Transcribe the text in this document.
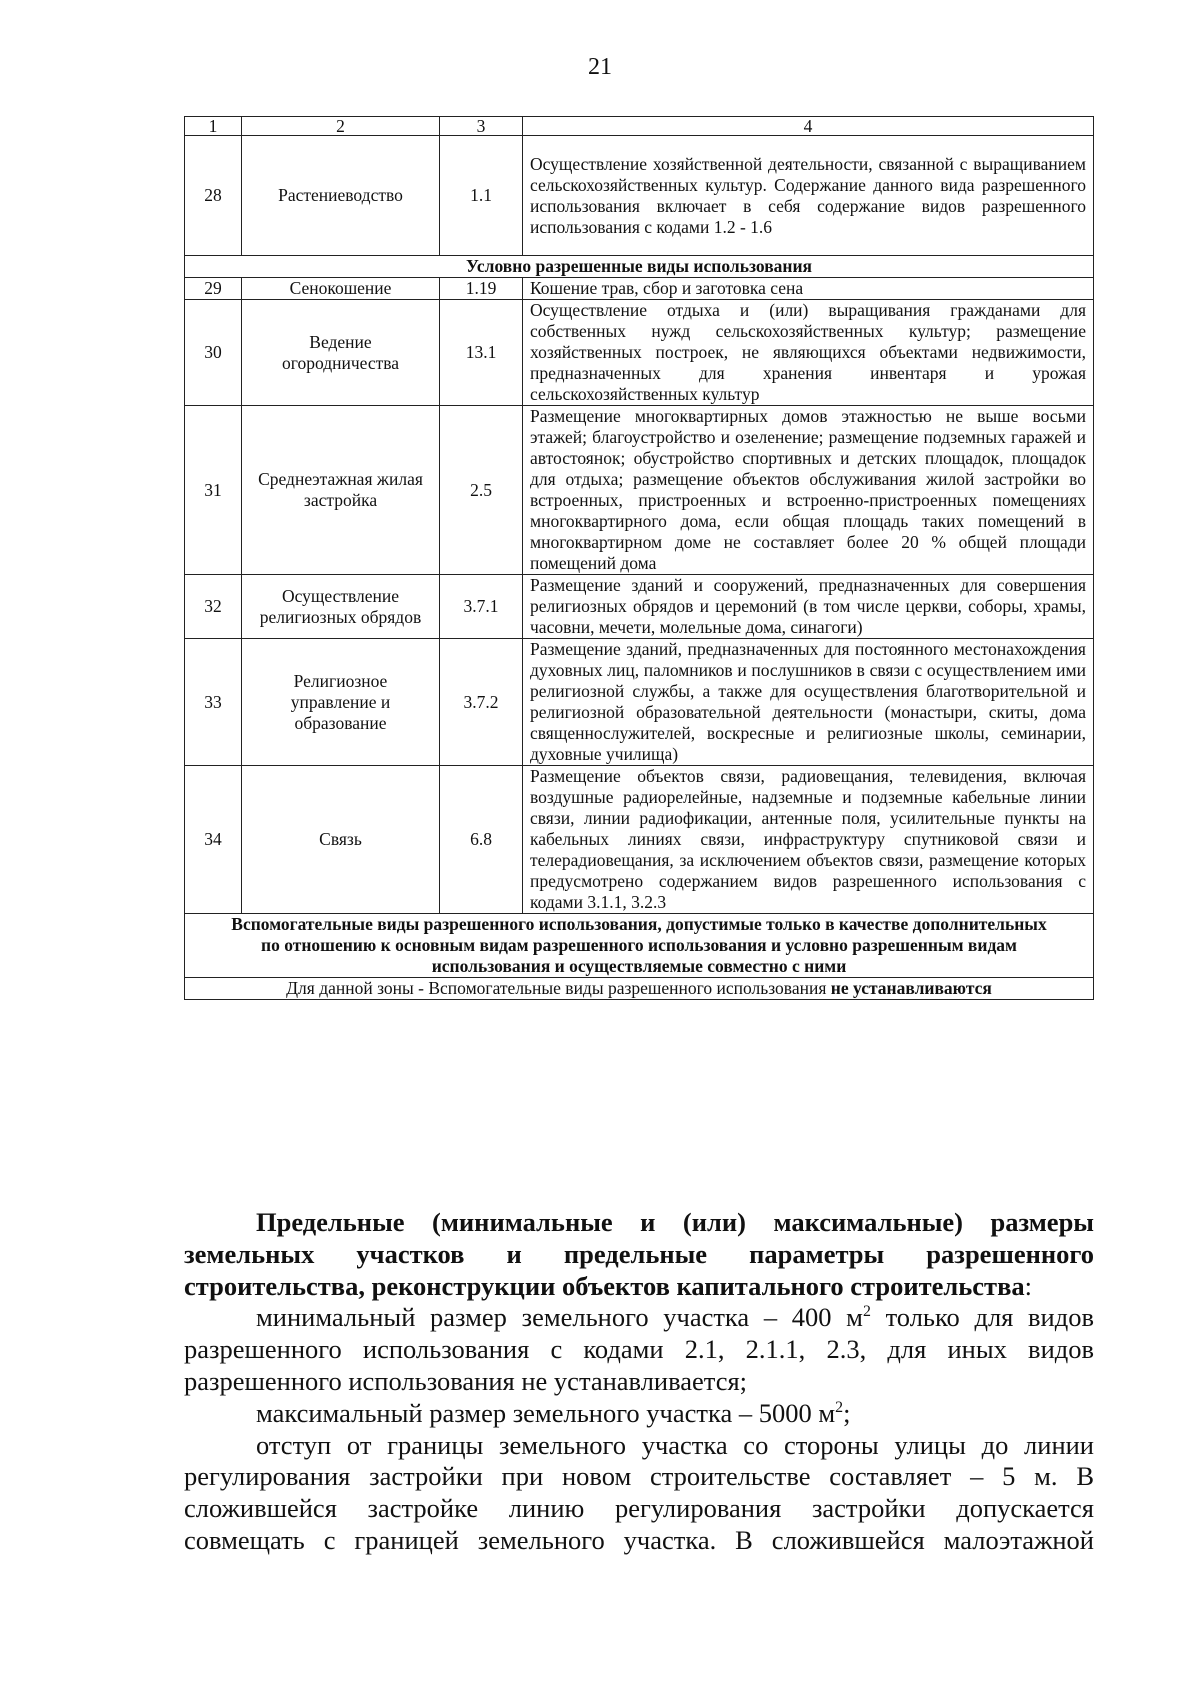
21
1	2	3	4
28	Растениеводство	1.1	Осуществление хозяйственной деятельности, связанной с выращиванием сельскохозяйственных культур. Содержание данного вида разрешенного использования включает в себя содержание видов разрешенного использования с кодами 1.2 - 1.6
Условно разрешенные виды использования			
29	Сенокошение	1.19	Кошение трав, сбор и заготовка сена
30	Ведение огородничества	13.1	Осуществление отдыха и (или) выращивания гражданами для собственных нужд сельскохозяйственных культур; размещение хозяйственных построек, не являющихся объектами недвижимости, предназначенных для хранения инвентаря и урожая сельскохозяйственных культур
31	Среднеэтажная жилая застройка	2.5	Размещение многоквартирных домов этажностью не выше восьми этажей; благоустройство и озеленение; размещение подземных гаражей и автостоянок; обустройство спортивных и детских площадок, площадок для отдыха; размещение объектов обслуживания жилой застройки во встроенных, пристроенных и встроенно-пристроенных помещениях многоквартирного дома, если общая площадь таких помещений в многоквартирном доме не составляет более 20 % общей площади помещений дома
32	Осуществление религиозных обрядов	3.7.1	Размещение зданий и сооружений, предназначенных для совершения религиозных обрядов и церемоний (в том числе церкви, соборы, храмы, часовни, мечети, молельные дома, синагоги)
33	Религиозное управление и образование	3.7.2	Размещение зданий, предназначенных для постоянного местонахождения духовных лиц, паломников и послушников в связи с осуществлением ими религиозной службы, а также для осуществления благотворительной и религиозной образовательной деятельности (монастыри, скиты, дома священнослужителей, воскресные и религиозные школы, семинарии, духовные училища)
34	Связь	6.8	Размещение объектов связи, радиовещания, телевидения, включая воздушные радиорелейные, надземные и подземные кабельные линии связи, линии радиофикации, антенные поля, усилительные пункты на кабельных линиях связи, инфраструктуру спутниковой связи и телерадиовещания, за исключением объектов связи, размещение которых предусмотрено содержанием видов разрешенного использования с кодами 3.1.1, 3.2.3
Вспомогательные виды разрешенного использования, допустимые только в качестве дополнительных по отношению к основным видам разрешенного использования и условно разрешенным видам использования и осуществляемые совместно с ними			
Для данной зоны - Вспомогательные виды разрешенного использования не устанавливаются			

Предельные (минимальные и (или) максимальные) размеры земельных участков и предельные параметры разрешенного строительства, реконструкции объектов капитального строительства:

минимальный размер земельного участка – 400 $м^2$ только для видов разрешенного использования с кодами 2.1, 2.1.1, 2.3, для иных видов разрешенного использования не устанавливается;

максимальный размер земельного участка – 5000 $м^2$;

отступ от границы земельного участка со стороны улицы до линии регулирования застройки при новом строительстве составляет – 5 м. В сложившейся застройке линию регулирования застройки допускается совмещать с границей земельного участка. В сложившейся малоэтажной
